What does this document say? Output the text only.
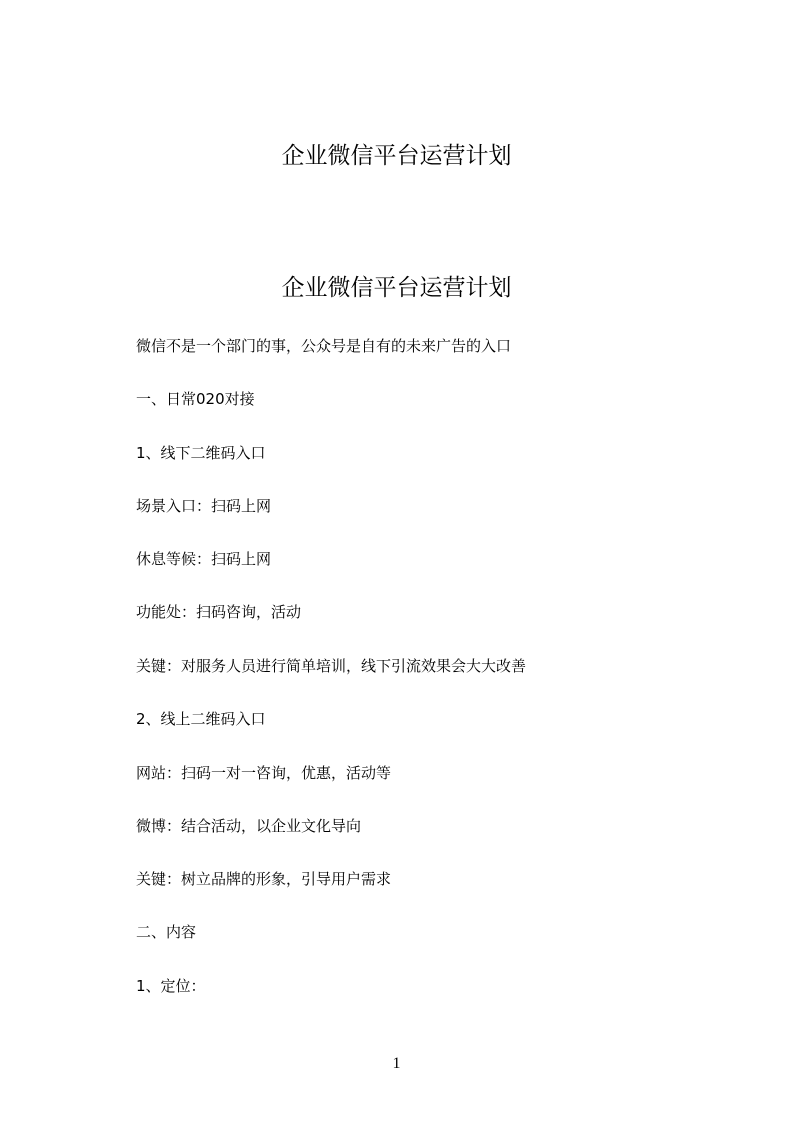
企业微信平台运营计划
企业微信平台运营计划

微信不是一个部门的事，公众号是自有的未来广告的入口

一、日常020对接

1、线下二维码入口

场景入口：扫码上网

休息等候：扫码上网

功能处：扫码咨询，活动

关键：对服务人员进行简单培训，线下引流效果会大大改善

2、线上二维码入口

网站：扫码一对一咨询，优惠，活动等

微博：结合活动，以企业文化导向

关键：树立品牌的形象，引导用户需求

二、内容

1、定位：

1
